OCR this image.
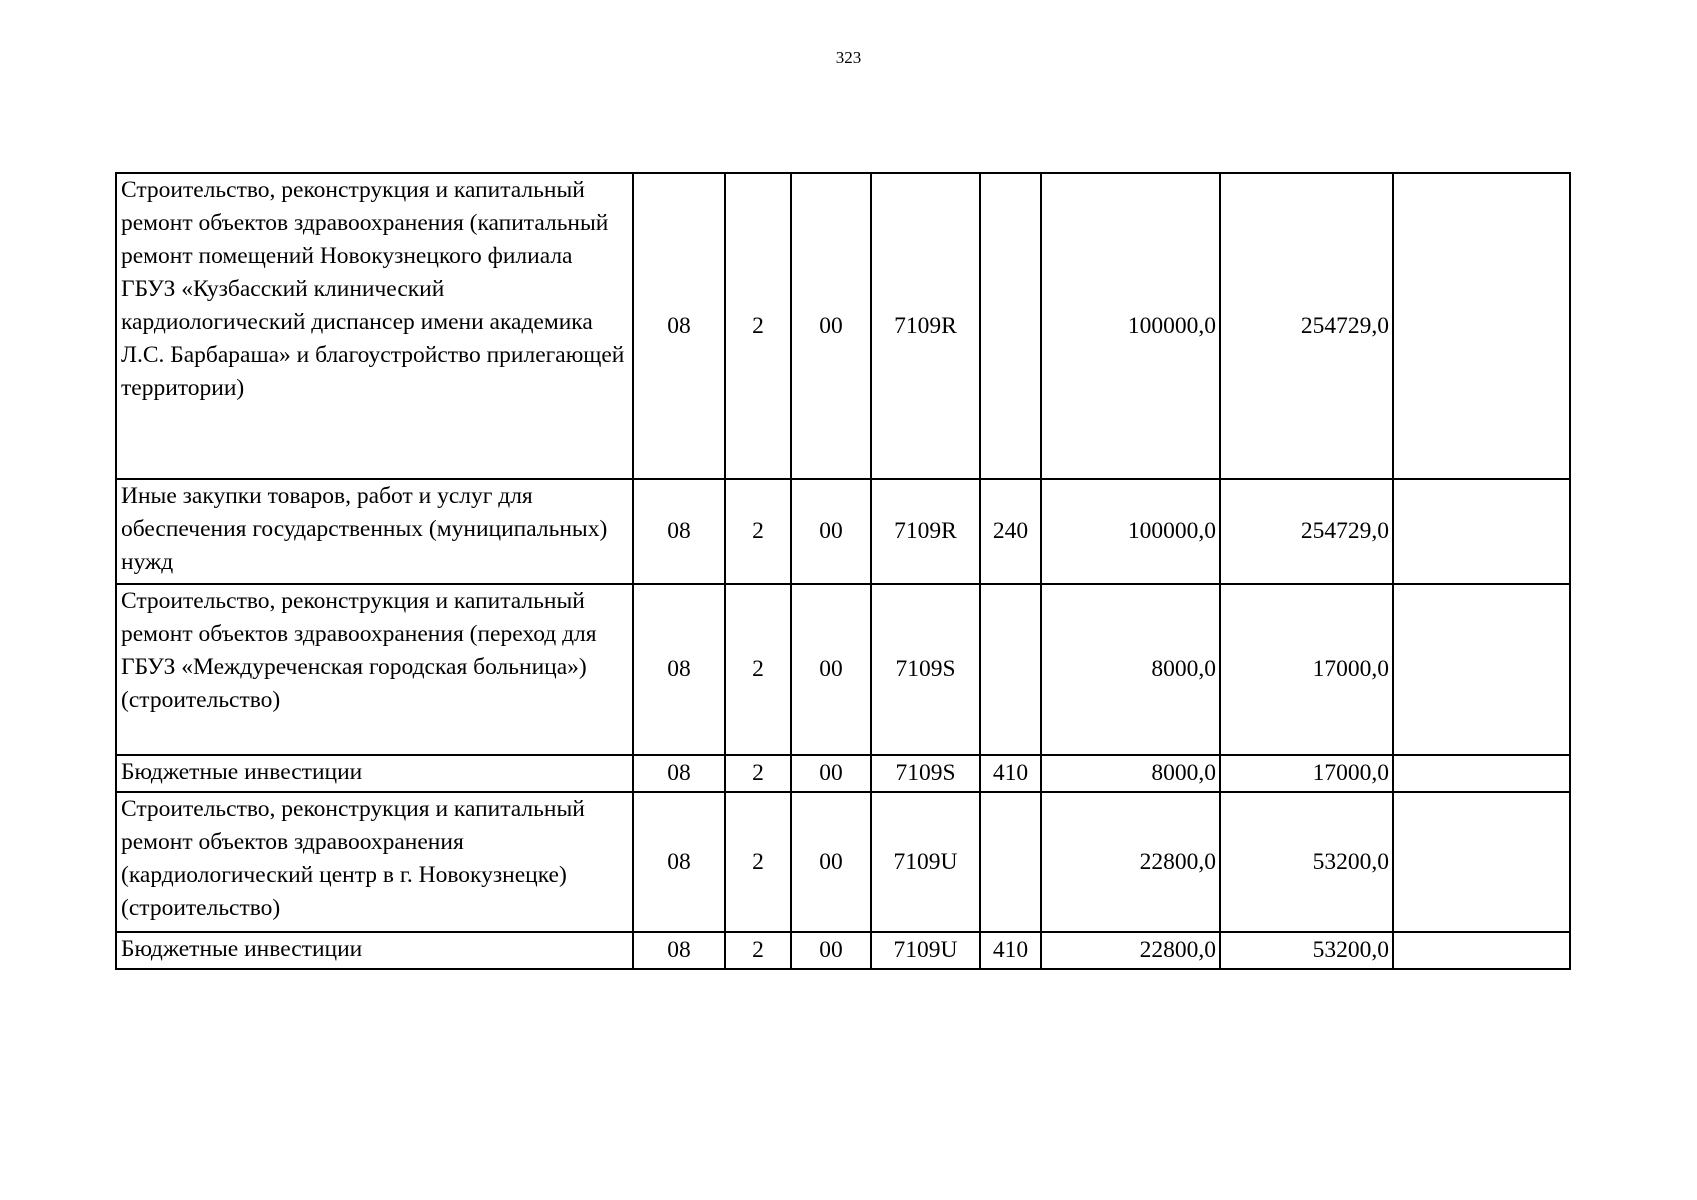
323
Строительство, реконструкция и капитальный ремонт объектов здравоохранения (капитальный ремонт помещений Новокузнецкого филиала ГБУЗ «Кузбасский клинический кардиологический диспансер имени академика Л.С. Барбараша» и благоустройство прилегающей территории)	08	2	00	7109R		100000,0	254729,0	
Иные закупки товаров, работ и услуг для обеспечения государственных (муниципальных) нужд	08	2	00	7109R	240	100000,0	254729,0	
Строительство, реконструкция и капитальный ремонт объектов здравоохранения (переход для ГБУЗ «Междуреченская городская больница») (строительство)	08	2	00	7109S		8000,0	17000,0	
Бюджетные инвестиции	08	2	00	7109S	410	8000,0	17000,0	
Строительство, реконструкция и капитальный ремонт объектов здравоохранения (кардиологический центр в г. Новокузнецке) (строительство)	08	2	00	7109U		22800,0	53200,0	
Бюджетные инвестиции	08	2	00	7109U	410	22800,0	53200,0	
